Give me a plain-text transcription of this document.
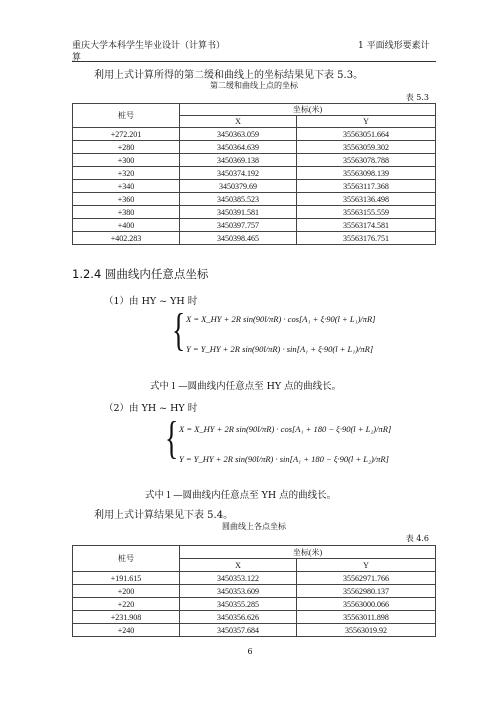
重庆大学本科学生毕业设计（计算书）	1 平面线形要素计
算
利用上式计算所得的第二缓和曲线上的坐标结果见下表 5.3。
第二缓和曲线上点的坐标
表 5.3
桩号	坐标(米)	
	X	Y
+272.201	3450363.059	35563051.664
+280	3450364.639	35563059.302
+300	3450369.138	35563078.788
+320	3450374.192	35563098.139
+340	3450379.69	35563117.368
+360	3450385.523	35563136.498
+380	3450391.581	35563155.559
+400	3450397.757	35563174.581
+402.283	3450398.465	35563176.751
1.2.4 圆曲线内任意点坐标
（1）由 HY ~ YH 时
{ X = X_HY + 2R sin(90l/πR) · cos[A₁ + ξ·90(l + L₁)/πR]
Y = Y_HY + 2R sin(90l/πR) · sin[A₁ + ξ·90(l + L₁)/πR]
式中 l —圆曲线内任意点至 HY 点的曲线长。
（2）由 YH ~ HY 时
{ X = X_HY + 2R sin(90l/πR) · cos[A₁ + 180 − ξ·90(l + L₂)/πR]
Y = Y_HY + 2R sin(90l/πR) · sin[A₁ + 180 − ξ·90(l + L₂)/πR]
式中 l —圆曲线内任意点至 YH 点的曲线长。
利用上式计算结果见下表 5.4。
圆曲线上各点坐标
表 4.6
桩号	坐标(米)	
	X	Y
+191.615	3450353.122	35562971.766
+200	3450353.609	35562980.137
+220	3450355.285	35563000.066
+231.908	3450356.626	35563011.898
+240	3450357.684	35563019.92
6
